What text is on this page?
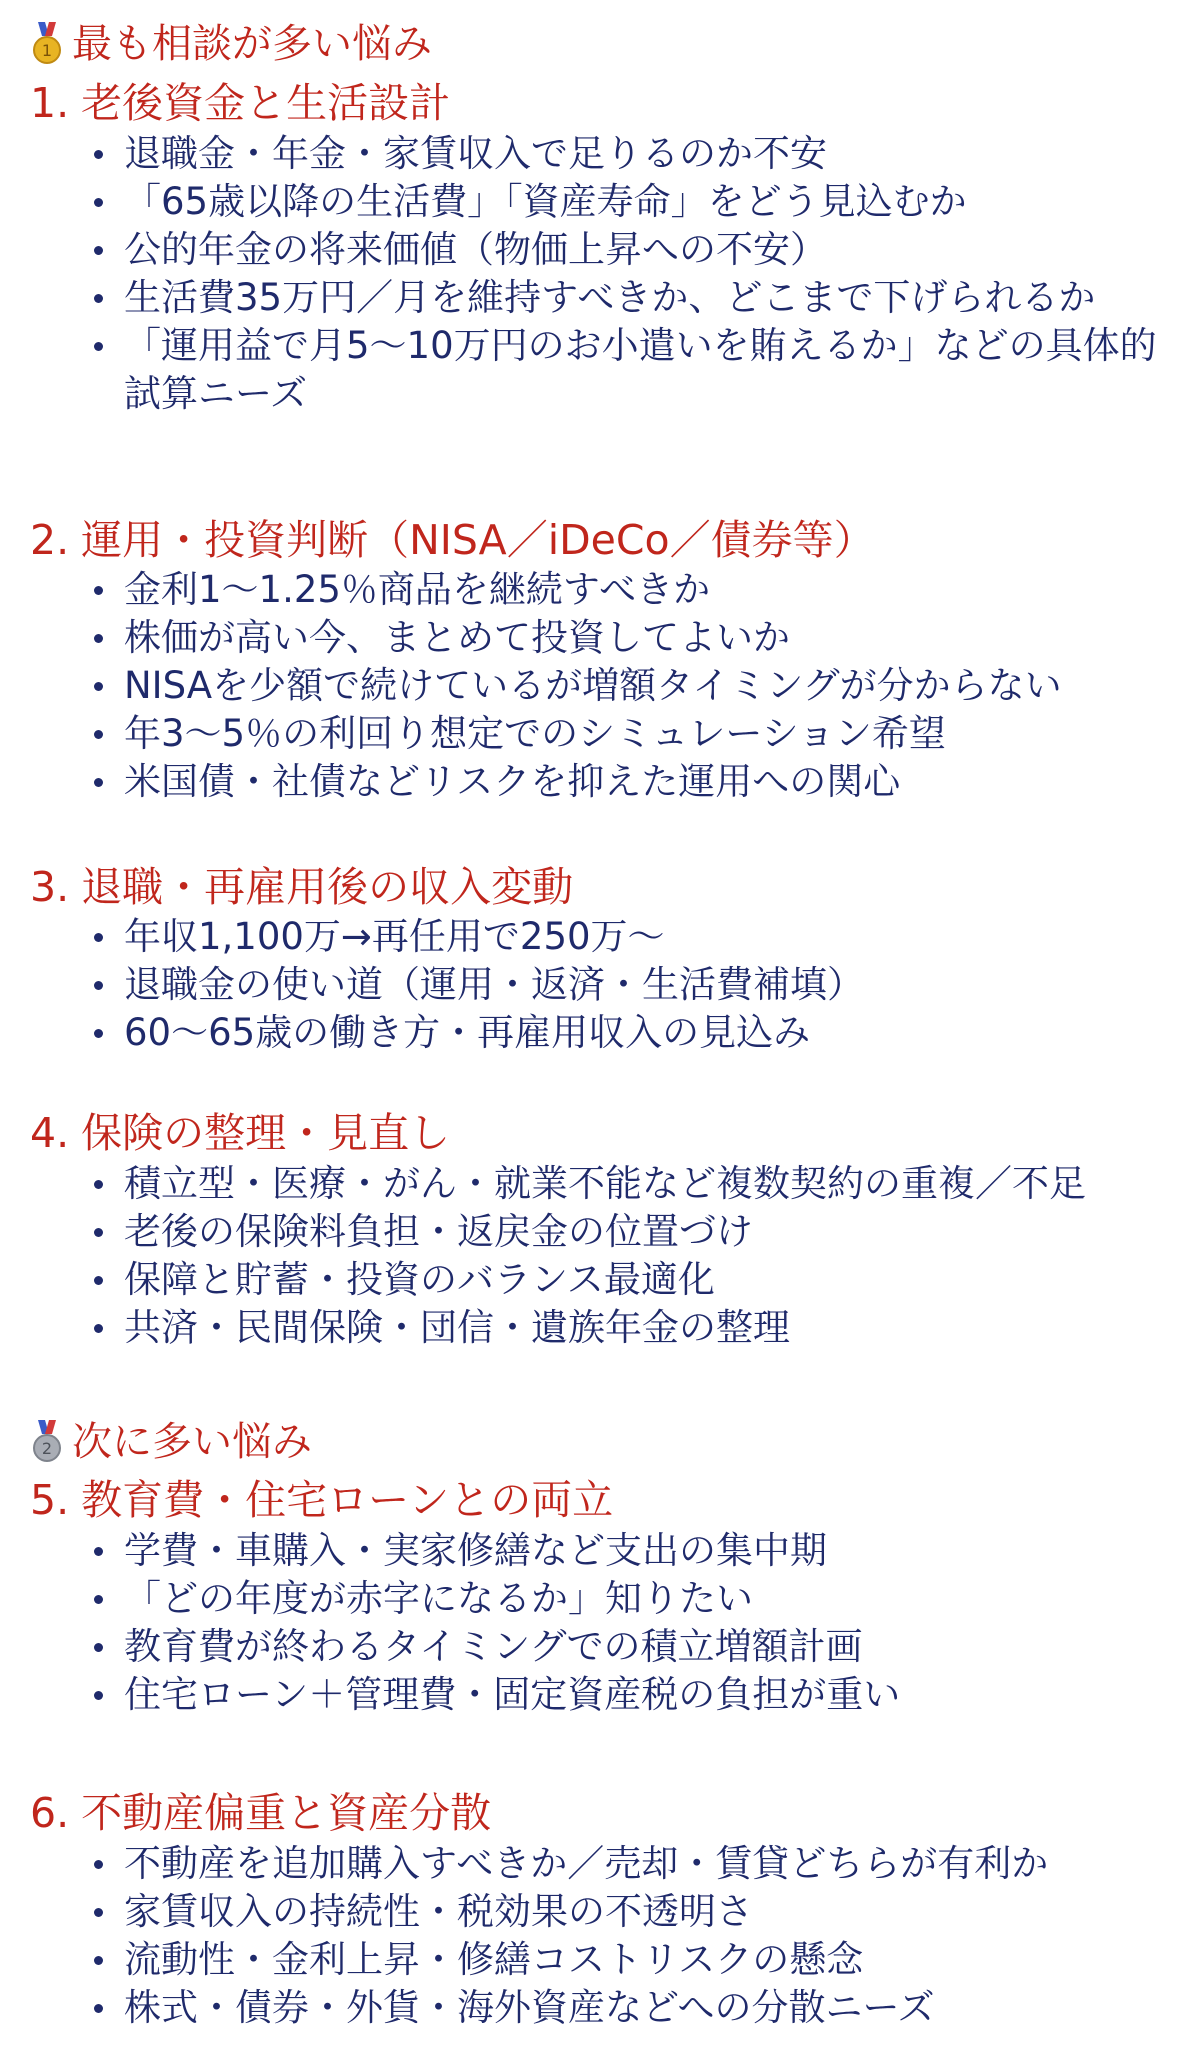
1 最も相談が多い悩み
1. 老後資金と生活設計
退職金・年金・家賃収入で足りるのか不安
「65歳以降の生活費」「資産寿命」をどう見込むか
公的年金の将来価値（物価上昇への不安）
生活費35万円／月を維持すべきか、どこまで下げられるか
「運用益で月5〜10万円のお小遣いを賄えるか」などの具体的試算ニーズ
2. 運用・投資判断（NISA／iDeCo／債券等）
金利1〜1.25％商品を継続すべきか
株価が高い今、まとめて投資してよいか
NISAを少額で続けているが増額タイミングが分からない
年3〜5％の利回り想定でのシミュレーション希望
米国債・社債などリスクを抑えた運用への関心
3. 退職・再雇用後の収入変動
年収1,100万→再任用で250万〜
退職金の使い道（運用・返済・生活費補填）
60〜65歳の働き方・再雇用収入の見込み
4. 保険の整理・見直し
積立型・医療・がん・就業不能など複数契約の重複／不足
老後の保険料負担・返戻金の位置づけ
保障と貯蓄・投資のバランス最適化
共済・民間保険・団信・遺族年金の整理
2 次に多い悩み
5. 教育費・住宅ローンとの両立
学費・車購入・実家修繕など支出の集中期
「どの年度が赤字になるか」知りたい
教育費が終わるタイミングでの積立増額計画
住宅ローン＋管理費・固定資産税の負担が重い
6. 不動産偏重と資産分散
不動産を追加購入すべきか／売却・賃貸どちらが有利か
家賃収入の持続性・税効果の不透明さ
流動性・金利上昇・修繕コストリスクの懸念
株式・債券・外貨・海外資産などへの分散ニーズ
